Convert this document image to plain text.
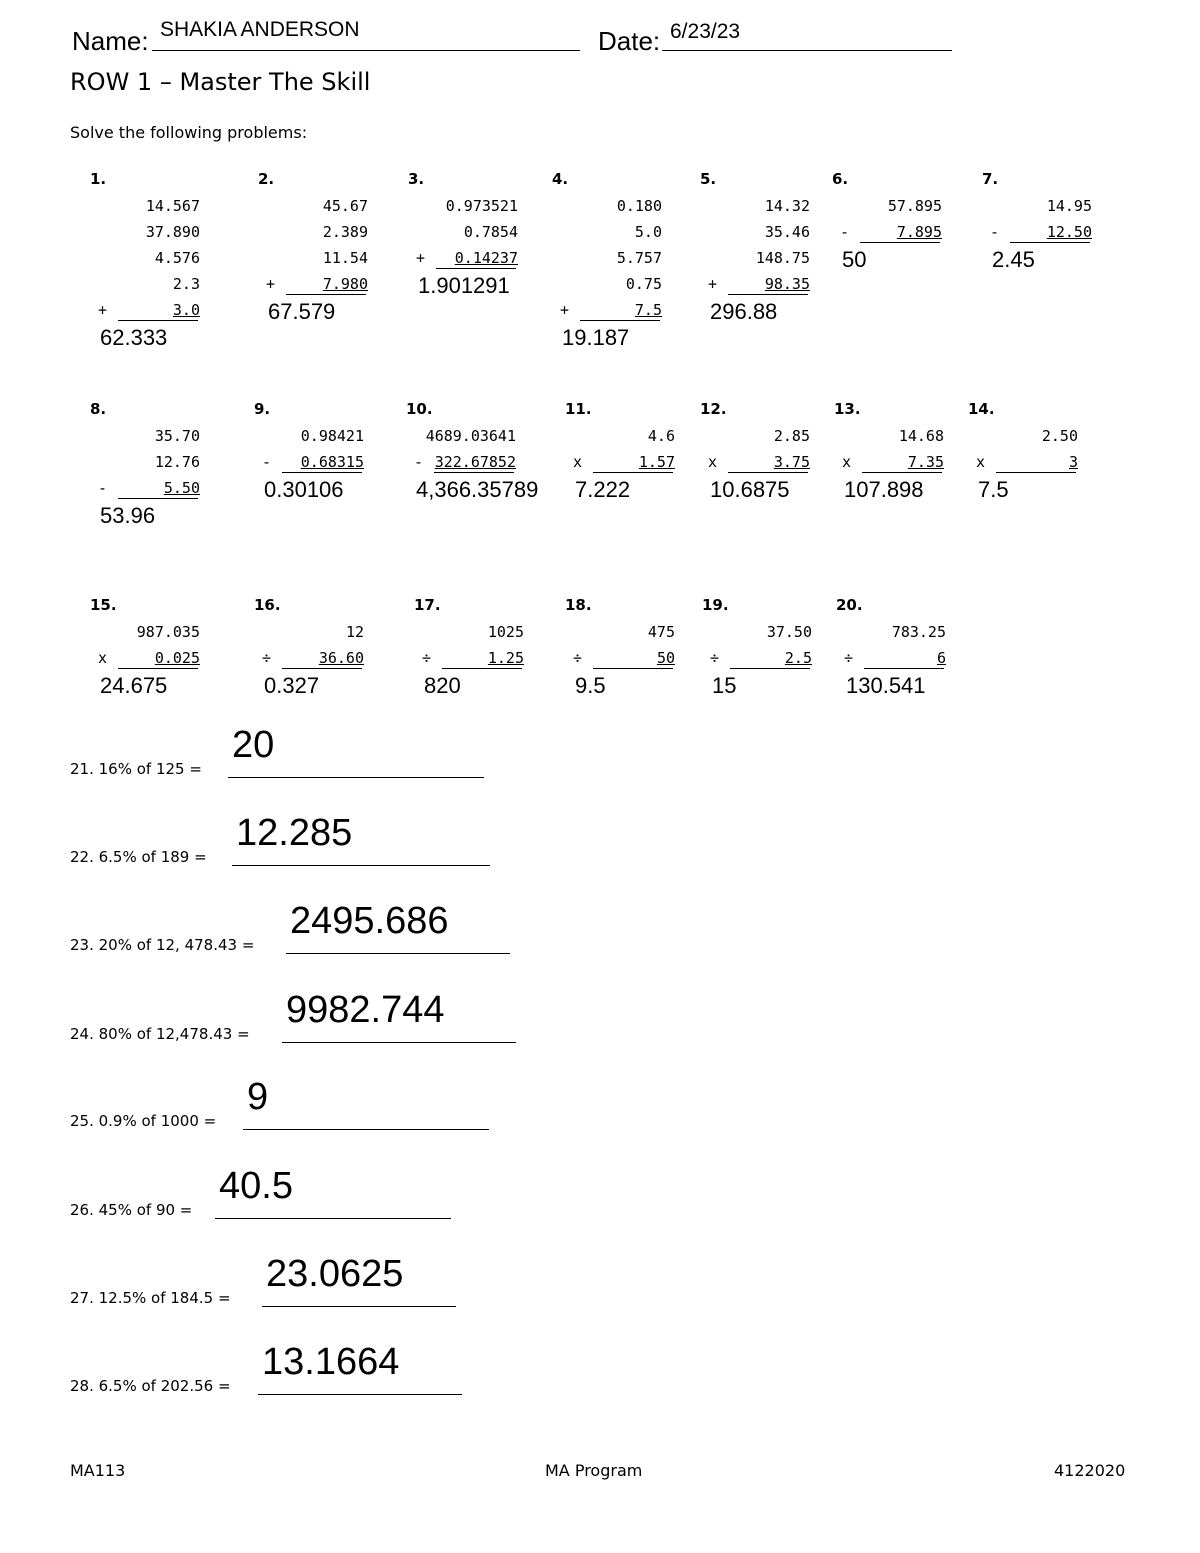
Name: SHAKIA ANDERSON	Date: 6/23/23
ROW 1 – Master The Skill
Solve the following problems:
1.
14.567
37.890
4.576
2.3
+	3.0
62.333
2.
45.67
2.389
11.54
+	7.980
67.579
3.
0.973521
0.7854
+	0.14237
1.901291
4.
0.180
5.0
5.757
0.75
+	7.5
19.187
5.
14.32
35.46
148.75
+	98.35
296.88
6.
57.895
-	7.895
50
7.
14.95
-	12.50
2.45
8.
35.70
12.76
-	5.50
53.96
9.
0.98421
-	0.68315
0.30106
10.
4689.03641
- 322.67852
4,366.35789
11.
4.6
x	1.57
7.222
12.
2.85
x	3.75
10.6875
13.
14.68
x	7.35
107.898
14.
2.50
x	3
7.5
15.
987.035
x	0.025
24.675
16.
12
÷	36.60
0.327
17.
1025
÷	1.25
820
18.
475
÷	50
9.5
19.
37.50
÷	2.5
15
20.
783.25
÷	6
130.541
21. 16% of 125 =
20
22. 6.5% of 189 =
12.285
23. 20% of 12, 478.43 =
2495.686
24. 80% of 12,478.43 =
9982.744
25. 0.9% of 1000 =
9
26. 45% of 90 =
40.5
27. 12.5% of 184.5 =
23.0625
28. 6.5% of 202.56 =
13.1664
MA113	MA Program	4122020
